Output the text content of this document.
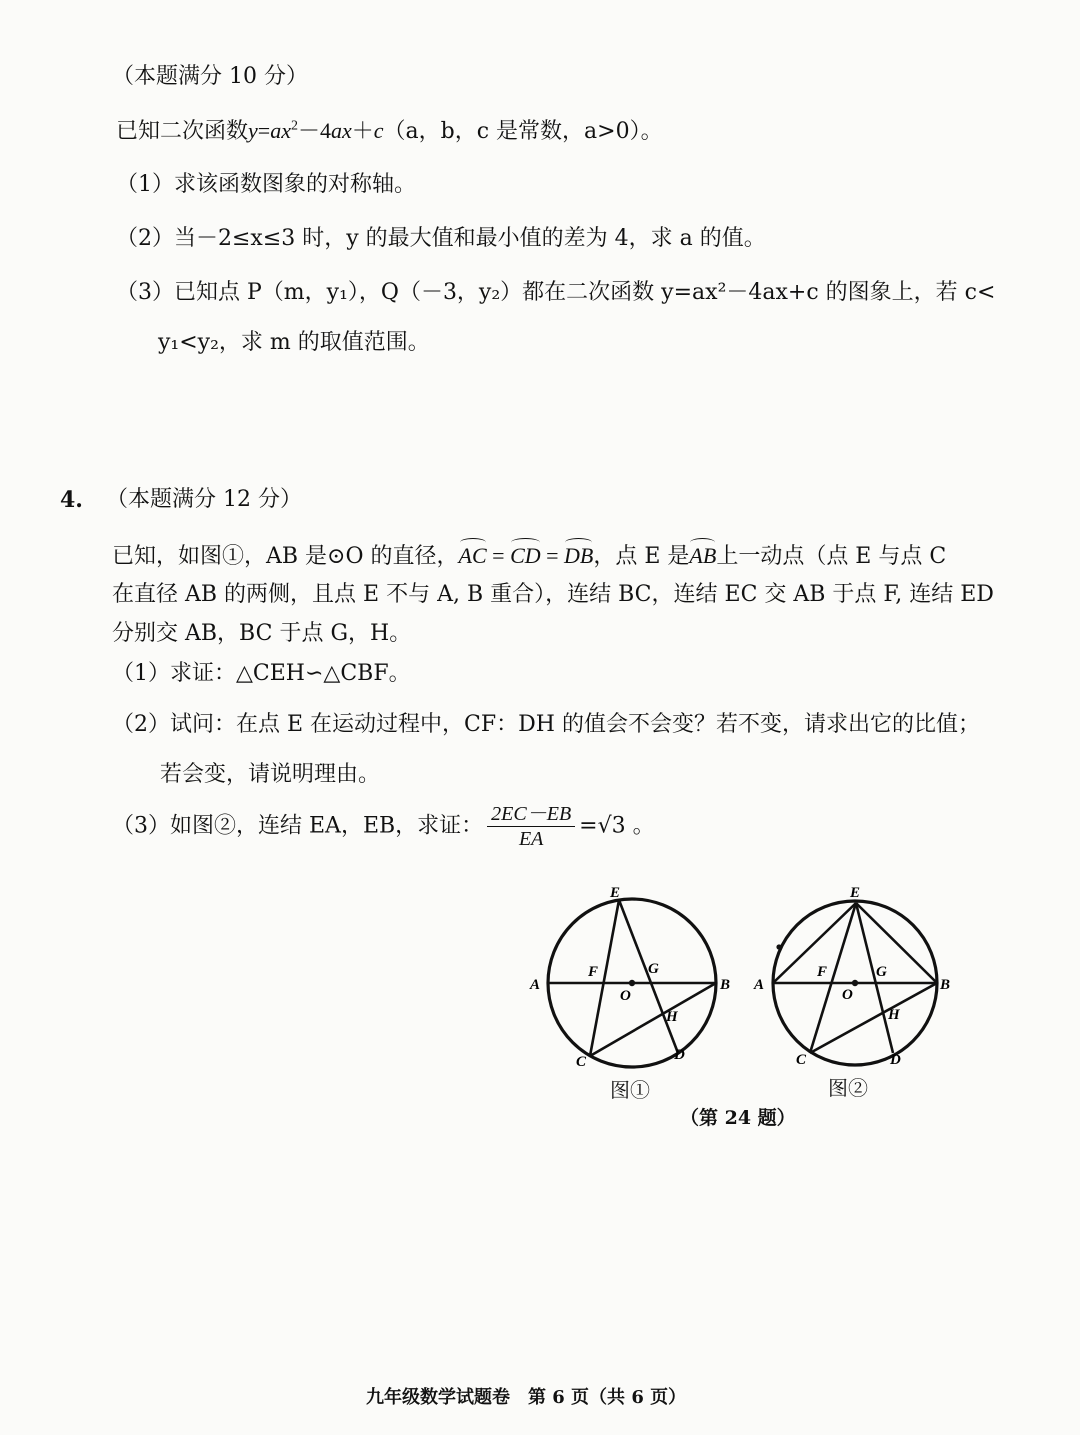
（本题满分 10 分）
已知二次函数$y=ax^2-4ax+c(a$，b，c 是常数，a>0）。
（1）求该函数图象的对称轴。
（2）当－2≤x≤3 时，y 的最大值和最小值的差为 4，求 a 的值。
（3）已知点 P（m，y₁），Q（－3，y₂）都在二次函数 y=ax²－4ax+c 的图象上，若 c<
y₁<y₂，求 m 的取值范围。
4. （本题满分 12 分）
已知，如图①，AB 是⊙O 的直径，AC = CD = DB，点 E 是AB上一动点（点 E 与点 C
在直径 AB 的两侧，且点 E 不与 A, B 重合），连结 BC，连结 EC 交 AB 于点 F, 连结 ED
分别交 AB，BC 于点 G，H。
（1）求证：△CEH∽△CBF。
（2）试问：在点 E 在运动过程中，CF：DH 的值会不会变？若不变，请求出它的比值；
若会变，请说明理由。
（3）如图②，连结 EA，EB，求证： $\frac{2EC-EB}{EA} =√3$ 。
E
A	B
F	G
O
H
C	D
E
A	B
F	G
O
H
C	D
图①	图②
（第 24 题）
九年级数学试题卷　第 6 页（共 6 页）
